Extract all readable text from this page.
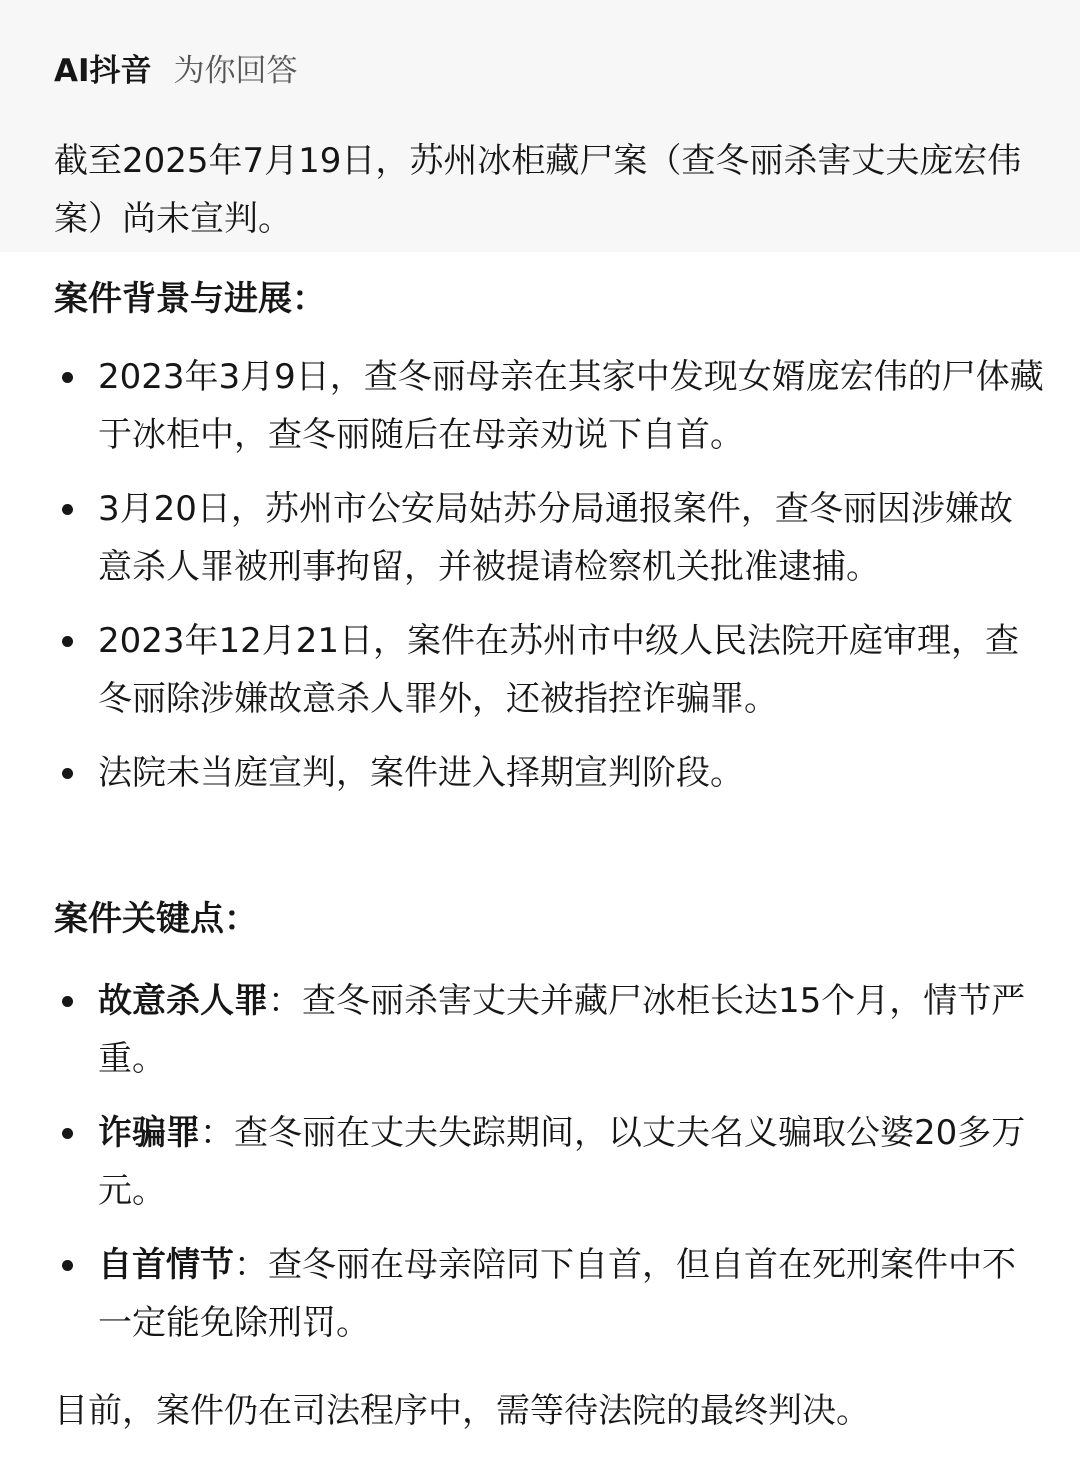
AI抖音 为你回答

截至2025年7月19日，苏州冰柜藏尸案（查冬丽杀害丈夫庞宏伟案）尚未宣判。

案件背景与进展：
2023年3月9日，查冬丽母亲在其家中发现女婿庞宏伟的尸体藏于冰柜中，查冬丽随后在母亲劝说下自首。
3月20日，苏州市公安局姑苏分局通报案件，查冬丽因涉嫌故意杀人罪被刑事拘留，并被提请检察机关批准逮捕。
2023年12月21日，案件在苏州市中级人民法院开庭审理，查冬丽除涉嫌故意杀人罪外，还被指控诈骗罪。
法院未当庭宣判，案件进入择期宣判阶段。
案件关键点：
故意杀人罪：查冬丽杀害丈夫并藏尸冰柜长达15个月，情节严重。
诈骗罪：查冬丽在丈夫失踪期间，以丈夫名义骗取公婆20多万元。
自首情节：查冬丽在母亲陪同下自首，但自首在死刑案件中不一定能免除刑罚。

目前，案件仍在司法程序中，需等待法院的最终判决。
